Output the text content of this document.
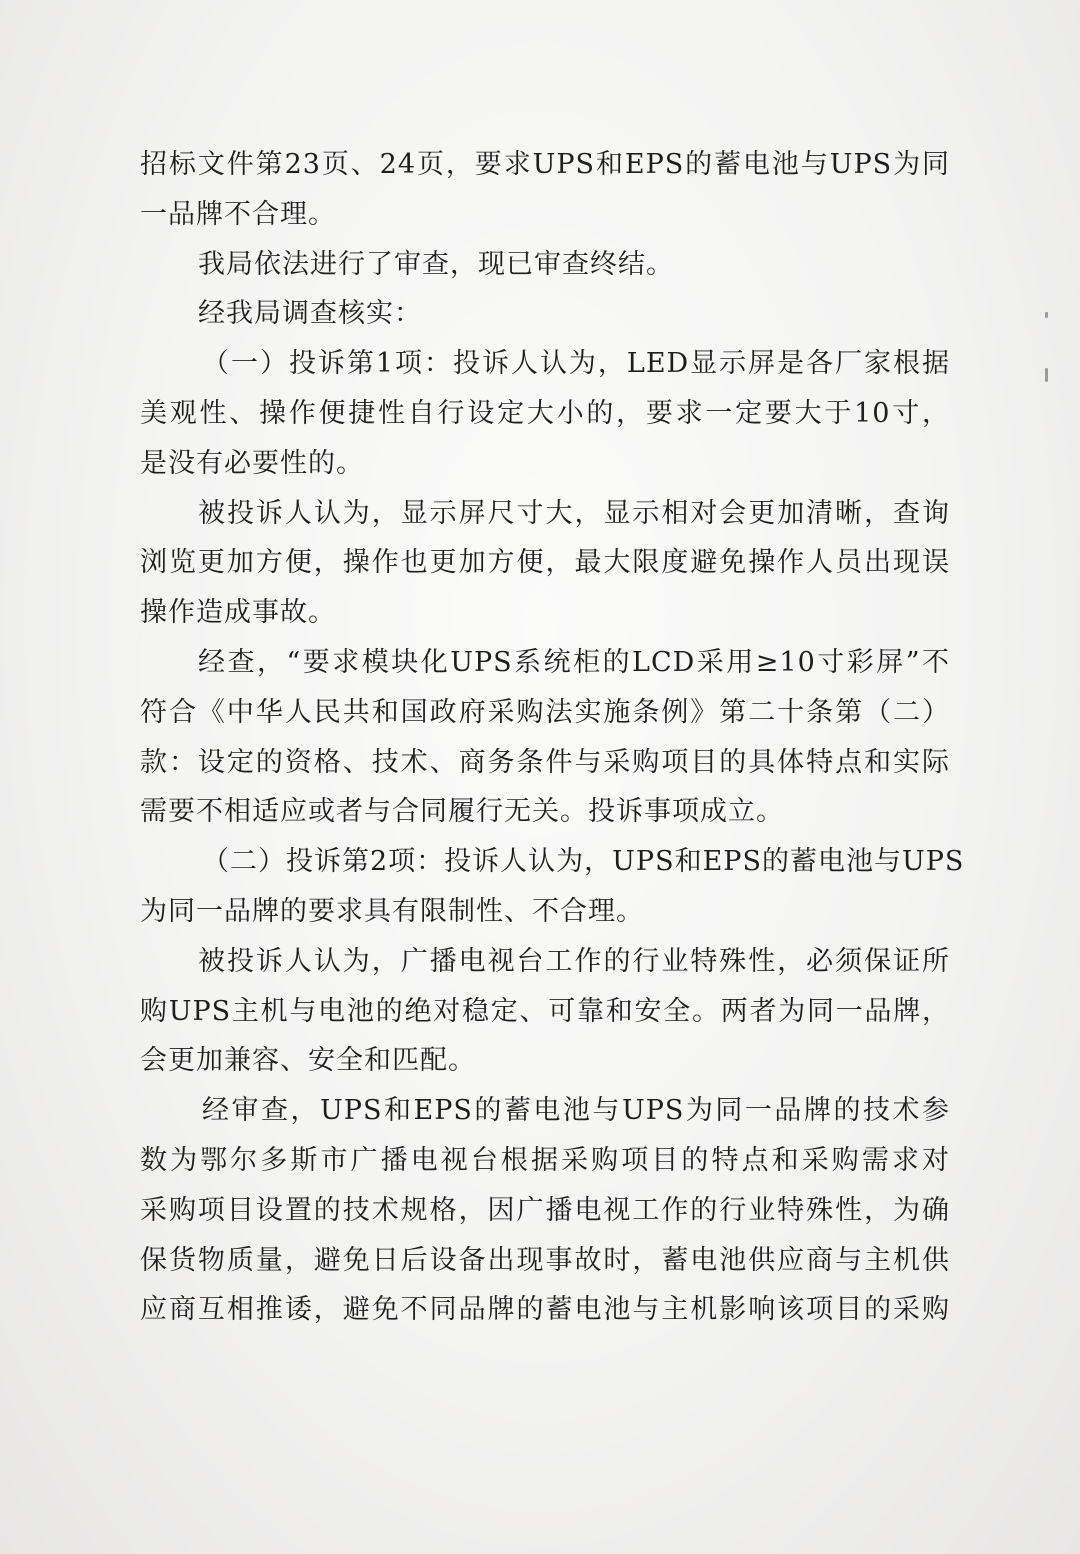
招标文件第23页、24页，要求UPS和EPS的蓄电池与UPS为同
一品牌不合理。
我局依法进行了审查，现已审查终结。
经我局调查核实：
（一）投诉第1项：投诉人认为，LED显示屏是各厂家根据
美观性、操作便捷性自行设定大小的，要求一定要大于10寸，
是没有必要性的。
被投诉人认为，显示屏尺寸大，显示相对会更加清晰，查询
浏览更加方便，操作也更加方便，最大限度避免操作人员出现误
操作造成事故。
经查，“要求模块化UPS系统柜的LCD采用≥10寸彩屏”不
符合《中华人民共和国政府采购法实施条例》第二十条第（二）
款：设定的资格、技术、商务条件与采购项目的具体特点和实际
需要不相适应或者与合同履行无关。投诉事项成立。
（二）投诉第2项：投诉人认为，UPS和EPS的蓄电池与UPS
为同一品牌的要求具有限制性、不合理。
被投诉人认为，广播电视台工作的行业特殊性，必须保证所
购UPS主机与电池的绝对稳定、可靠和安全。两者为同一品牌，
会更加兼容、安全和匹配。
经审查，UPS和EPS的蓄电池与UPS为同一品牌的技术参
数为鄂尔多斯市广播电视台根据采购项目的特点和采购需求对
采购项目设置的技术规格，因广播电视工作的行业特殊性，为确
保货物质量，避免日后设备出现事故时，蓄电池供应商与主机供
应商互相推诿，避免不同品牌的蓄电池与主机影响该项目的采购
